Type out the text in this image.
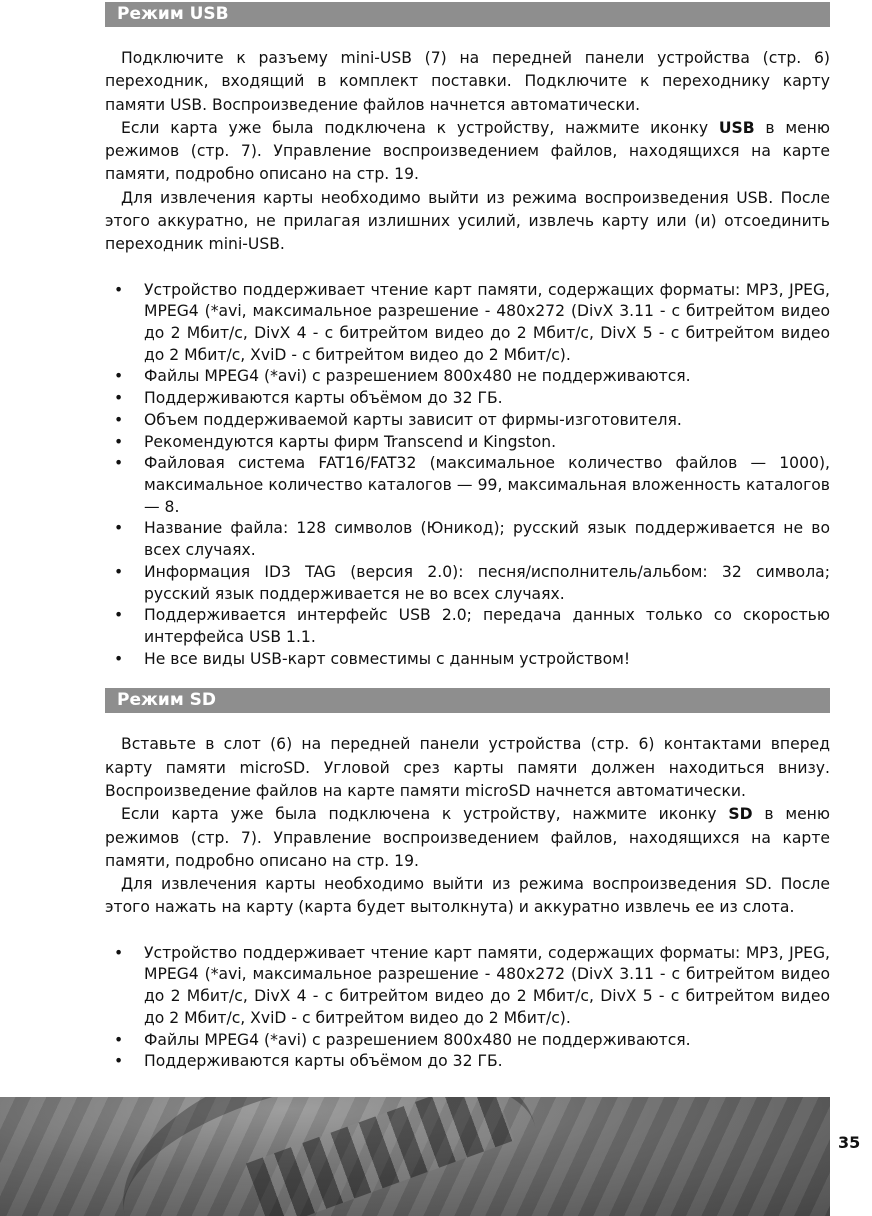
Режим USB

Подключите к разъему mini-USB (7) на передней панели устройства (стр. 6) переходник, входящий в комплект поставки. Подключите к переходнику карту памяти USB. Воспроизведение файлов начнется автоматически.

Если карта уже была подключена к устройству, нажмите иконку USB в меню режимов (стр. 7). Управление воспроизведением файлов, находящихся на карте памяти, подробно описано на стр. 19.

Для извлечения карты необходимо выйти из режима воспроизведения USB. После этого аккуратно, не прилагая излишних усилий, извлечь карту или (и) отсоединить переходник mini-USB.

• Устройство поддерживает чтение карт памяти, содержащих форматы: MP3, JPEG, MPEG4 (*avi, максимальное разрешение - 480x272 (DivX 3.11 - с битрейтом видео до 2 Мбит/с, DivX 4 - с битрейтом видео до 2 Мбит/с, DivX 5 - с битрейтом видео до 2 Мбит/с, XviD - с битрейтом видео до 2 Мбит/с).
• Файлы MPEG4 (*avi) с разрешением 800x480 не поддерживаются.
• Поддерживаются карты объёмом до 32 ГБ.
• Объем поддерживаемой карты зависит от фирмы-изготовителя.
• Рекомендуются карты фирм Transcend и Kingston.
• Файловая система FAT16/FAT32 (максимальное количество файлов — 1000), максимальное количество каталогов — 99, максимальная вложенность каталогов — 8.
• Название файла: 128 символов (Юникод); русский язык поддерживается не во всех случаях.
• Информация ID3 TAG (версия 2.0): песня/исполнитель/альбом: 32 символа; русский язык поддерживается не во всех случаях.
• Поддерживается интерфейс USB 2.0; передача данных только со скоростью интерфейса USB 1.1.
• Не все виды USB-карт совместимы с данным устройством!
Режим SD

Вставьте в слот (6) на передней панели устройства (стр. 6) контактами вперед карту памяти microSD. Угловой срез карты памяти должен находиться внизу. Воспроизведение файлов на карте памяти microSD начнется автоматически.

Если карта уже была подключена к устройству, нажмите иконку SD в меню режимов (стр. 7). Управление воспроизведением файлов, находящихся на карте памяти, подробно описано на стр. 19.

Для извлечения карты необходимо выйти из режима воспроизведения SD. После этого нажать на карту (карта будет вытолкнута) и аккуратно извлечь ее из слота.

• Устройство поддерживает чтение карт памяти, содержащих форматы: MP3, JPEG, MPEG4 (*avi, максимальное разрешение - 480x272 (DivX 3.11 - с битрейтом видео до 2 Мбит/с, DivX 4 - с битрейтом видео до 2 Мбит/с, DivX 5 - с битрейтом видео до 2 Мбит/с, XviD - с битрейтом видео до 2 Мбит/с).
• Файлы MPEG4 (*avi) с разрешением 800x480 не поддерживаются.
• Поддерживаются карты объёмом до 32 ГБ.
35
